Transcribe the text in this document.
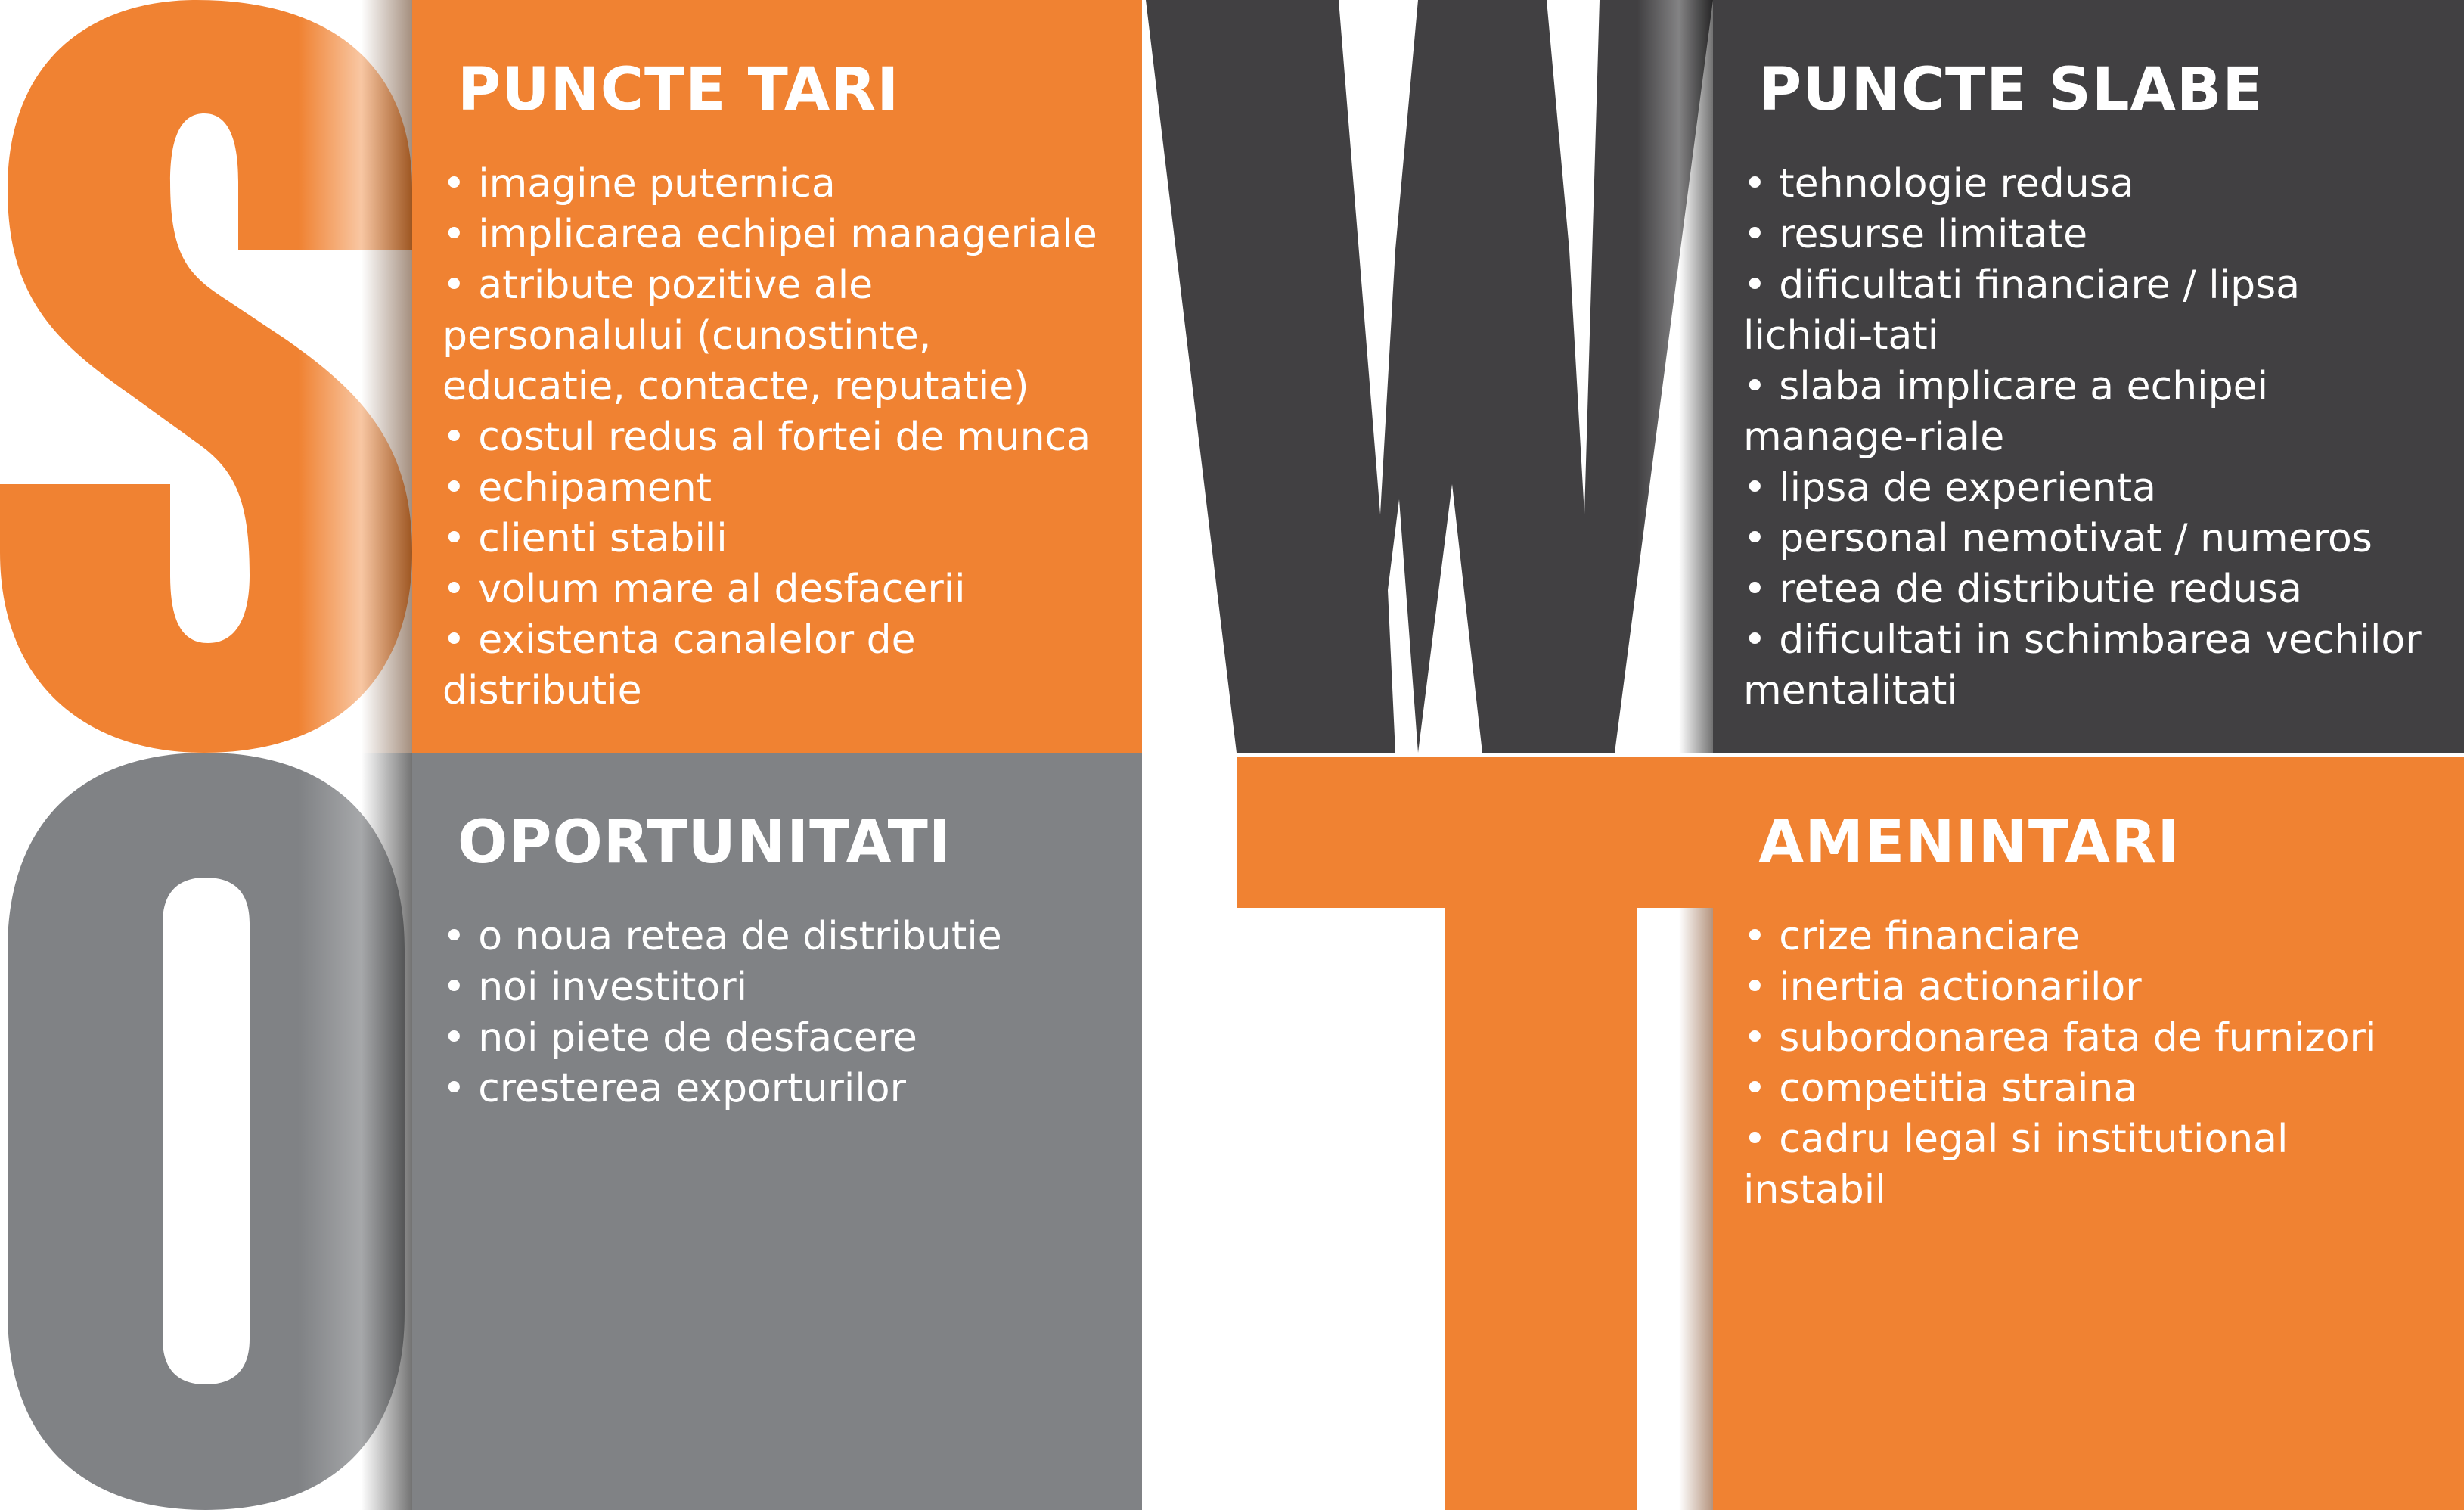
PUNCTE TARI
• imagine puternica
• implicarea echipei manageriale
• atribute pozitive ale personalului (cunostinte, educatie, contacte, reputatie)
• costul redus al fortei de munca
• echipament
• clienti stabili
• volum mare al desfacerii
• existenta canalelor de distributie
OPORTUNITATI
• o noua retea de distributie
• noi investitori
• noi piete de desfacere
• cresterea exporturilor
PUNCTE SLABE
• tehnologie redusa
• resurse limitate
• dificultati financiare / lipsa lichidi-tati
• slaba implicare a echipei manage-riale
• lipsa de experienta
• personal nemotivat / numeros
• retea de distributie redusa
• dificultati in schimbarea vechilor mentalitati
AMENINTARI
• crize financiare
• inertia actionarilor
• subordonarea fata de furnizori
• competitia straina
• cadru legal si institutional instabil
